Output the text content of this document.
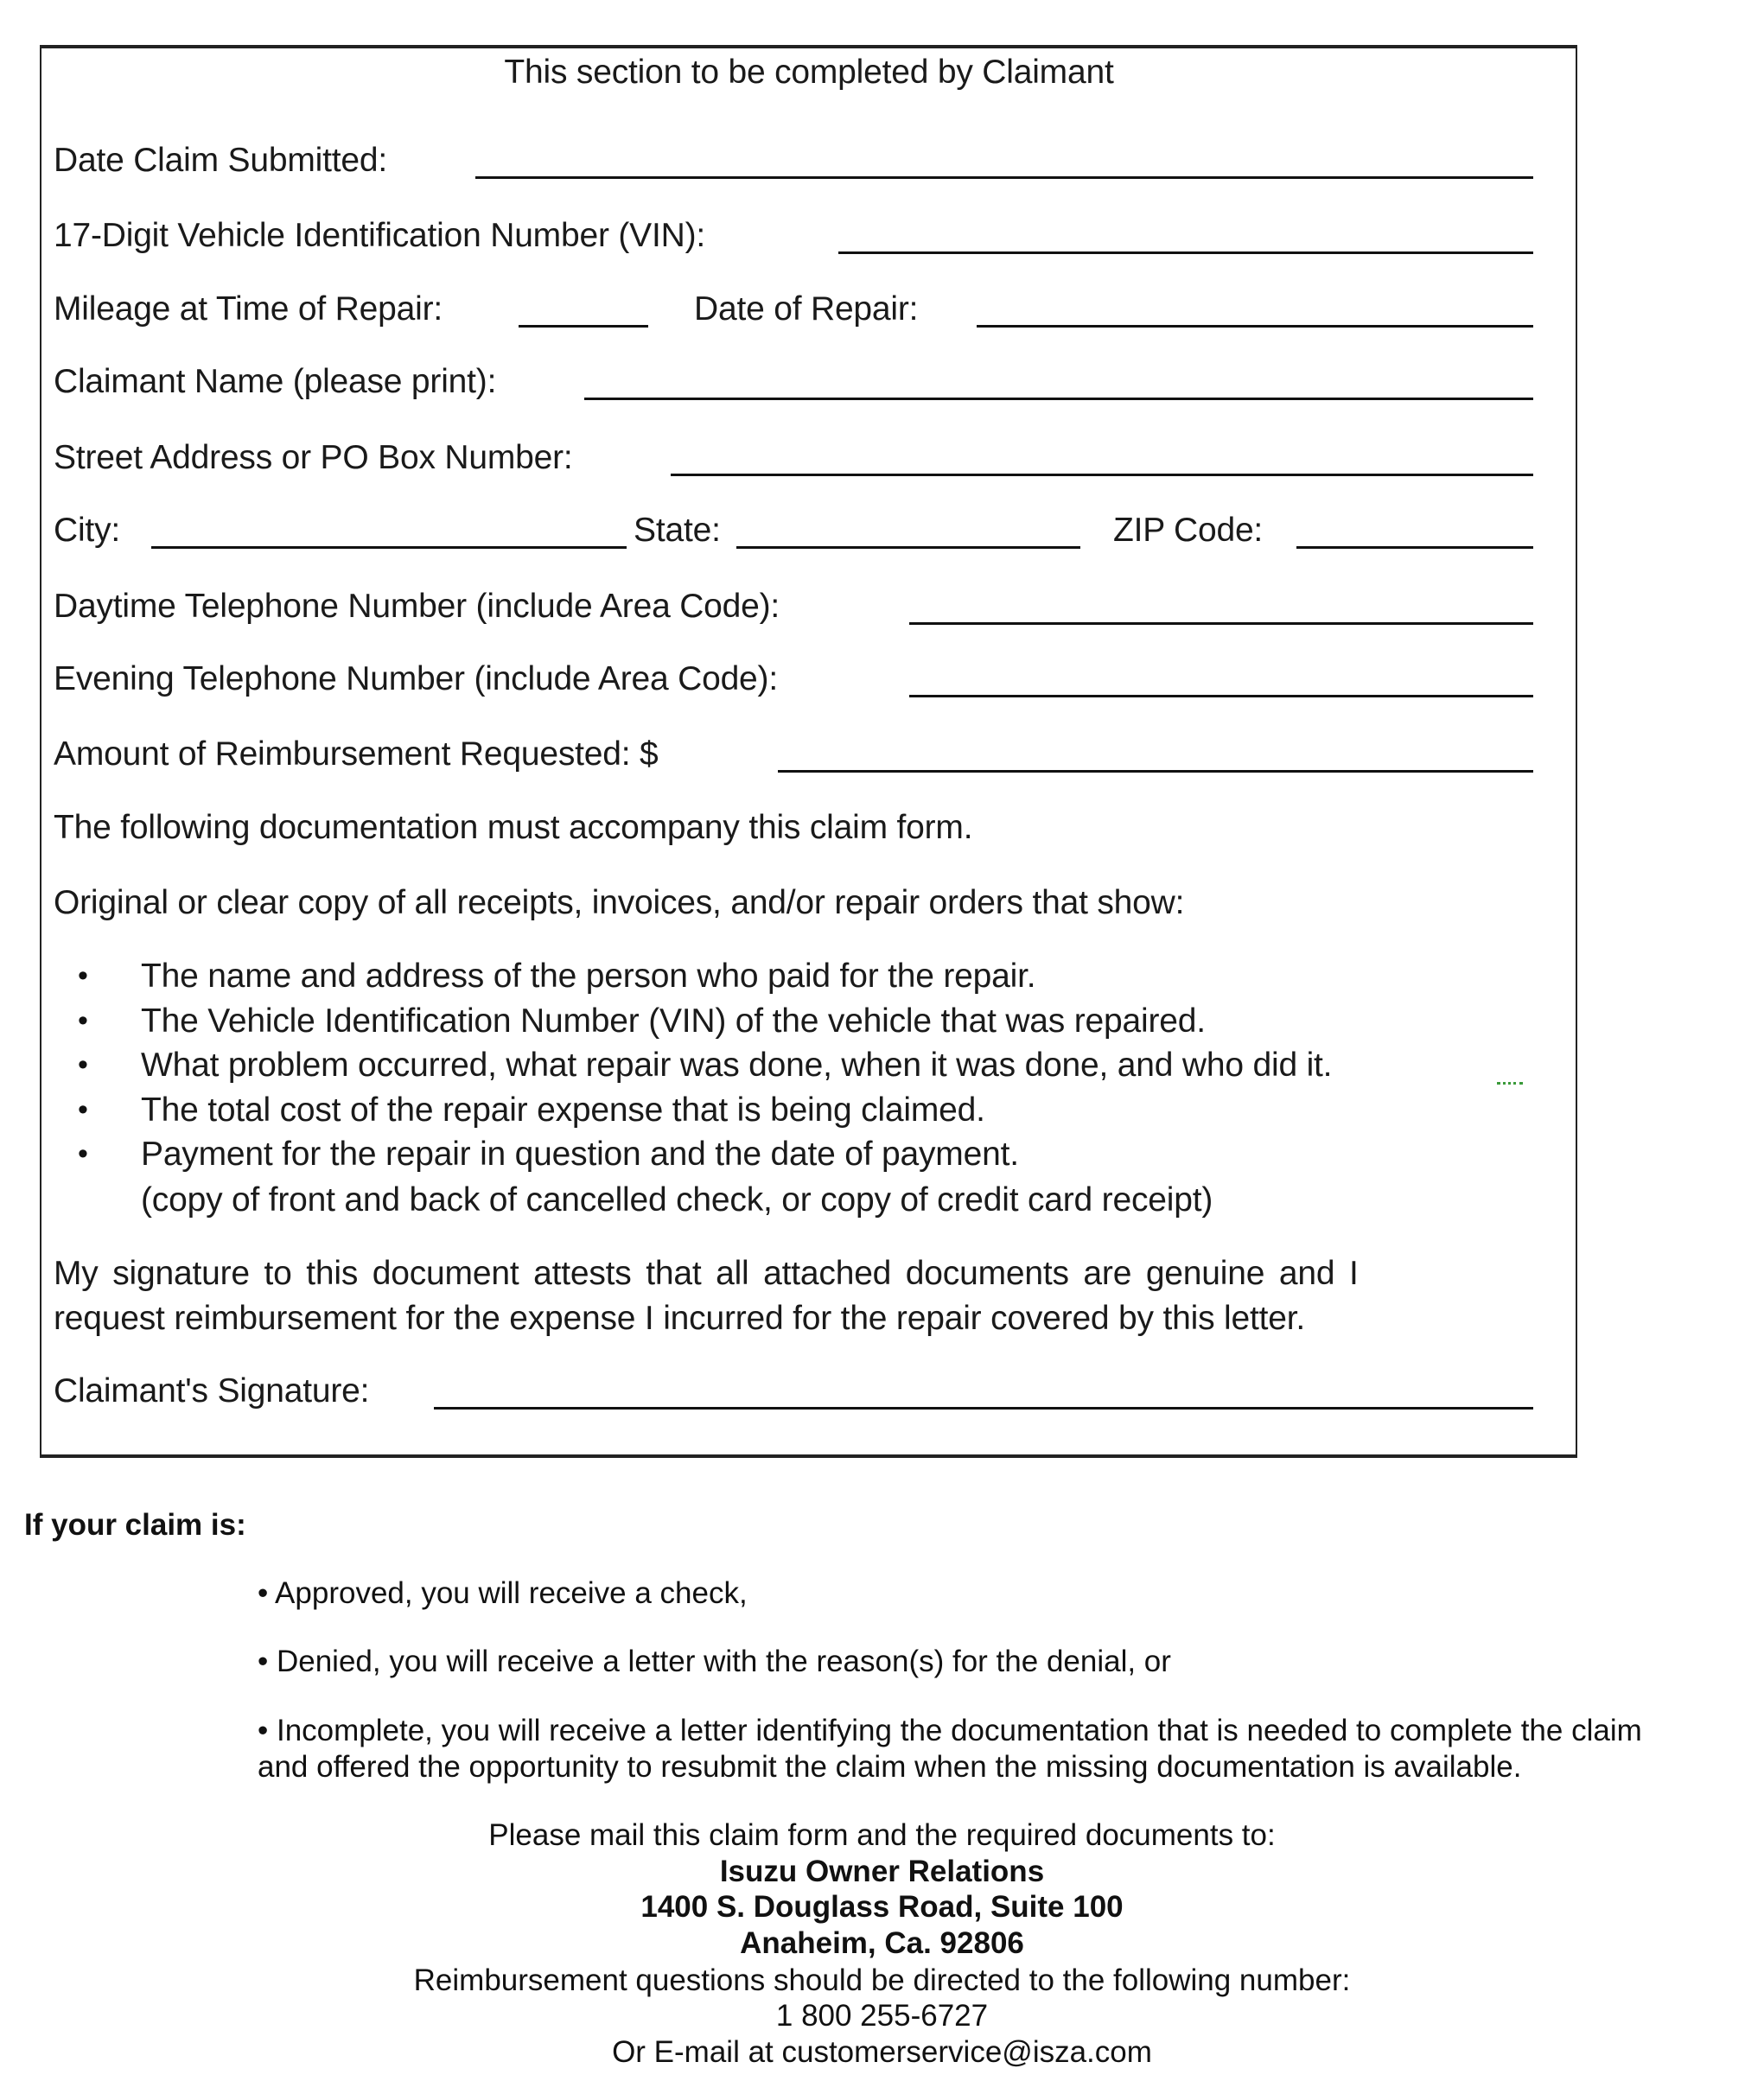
This section to be completed by Claimant
Date Claim Submitted:
17-Digit Vehicle Identification Number (VIN):
Mileage at Time of Repair:	Date of Repair:
Claimant Name (please print):
Street Address or PO Box Number:
City:	State:	ZIP Code:
Daytime Telephone Number (include Area Code):
Evening Telephone Number (include Area Code):
Amount of Reimbursement Requested: $
The following documentation must accompany this claim form.
Original or clear copy of all receipts, invoices, and/or repair orders that show:
• The name and address of the person who paid for the repair.
• The Vehicle Identification Number (VIN) of the vehicle that was repaired.
• What problem occurred, what repair was done, when it was done, and who did it.
• The total cost of the repair expense that is being claimed.
• Payment for the repair in question and the date of payment.
(copy of front and back of cancelled check, or copy of credit card receipt)
My signature to this document attests that all attached documents are genuine and I
request reimbursement for the expense I incurred for the repair covered by this letter.
Claimant's Signature:
If your claim is:
• Approved, you will receive a check,
• Denied, you will receive a letter with the reason(s) for the denial, or
• Incomplete, you will receive a letter identifying the documentation that is needed to complete the claim
and offered the opportunity to resubmit the claim when the missing documentation is available.
Please mail this claim form and the required documents to:
Isuzu Owner Relations
1400 S. Douglass Road, Suite 100
Anaheim, Ca. 92806
Reimbursement questions should be directed to the following number:
1 800 255-6727
Or E-mail at customerservice@isza.com
